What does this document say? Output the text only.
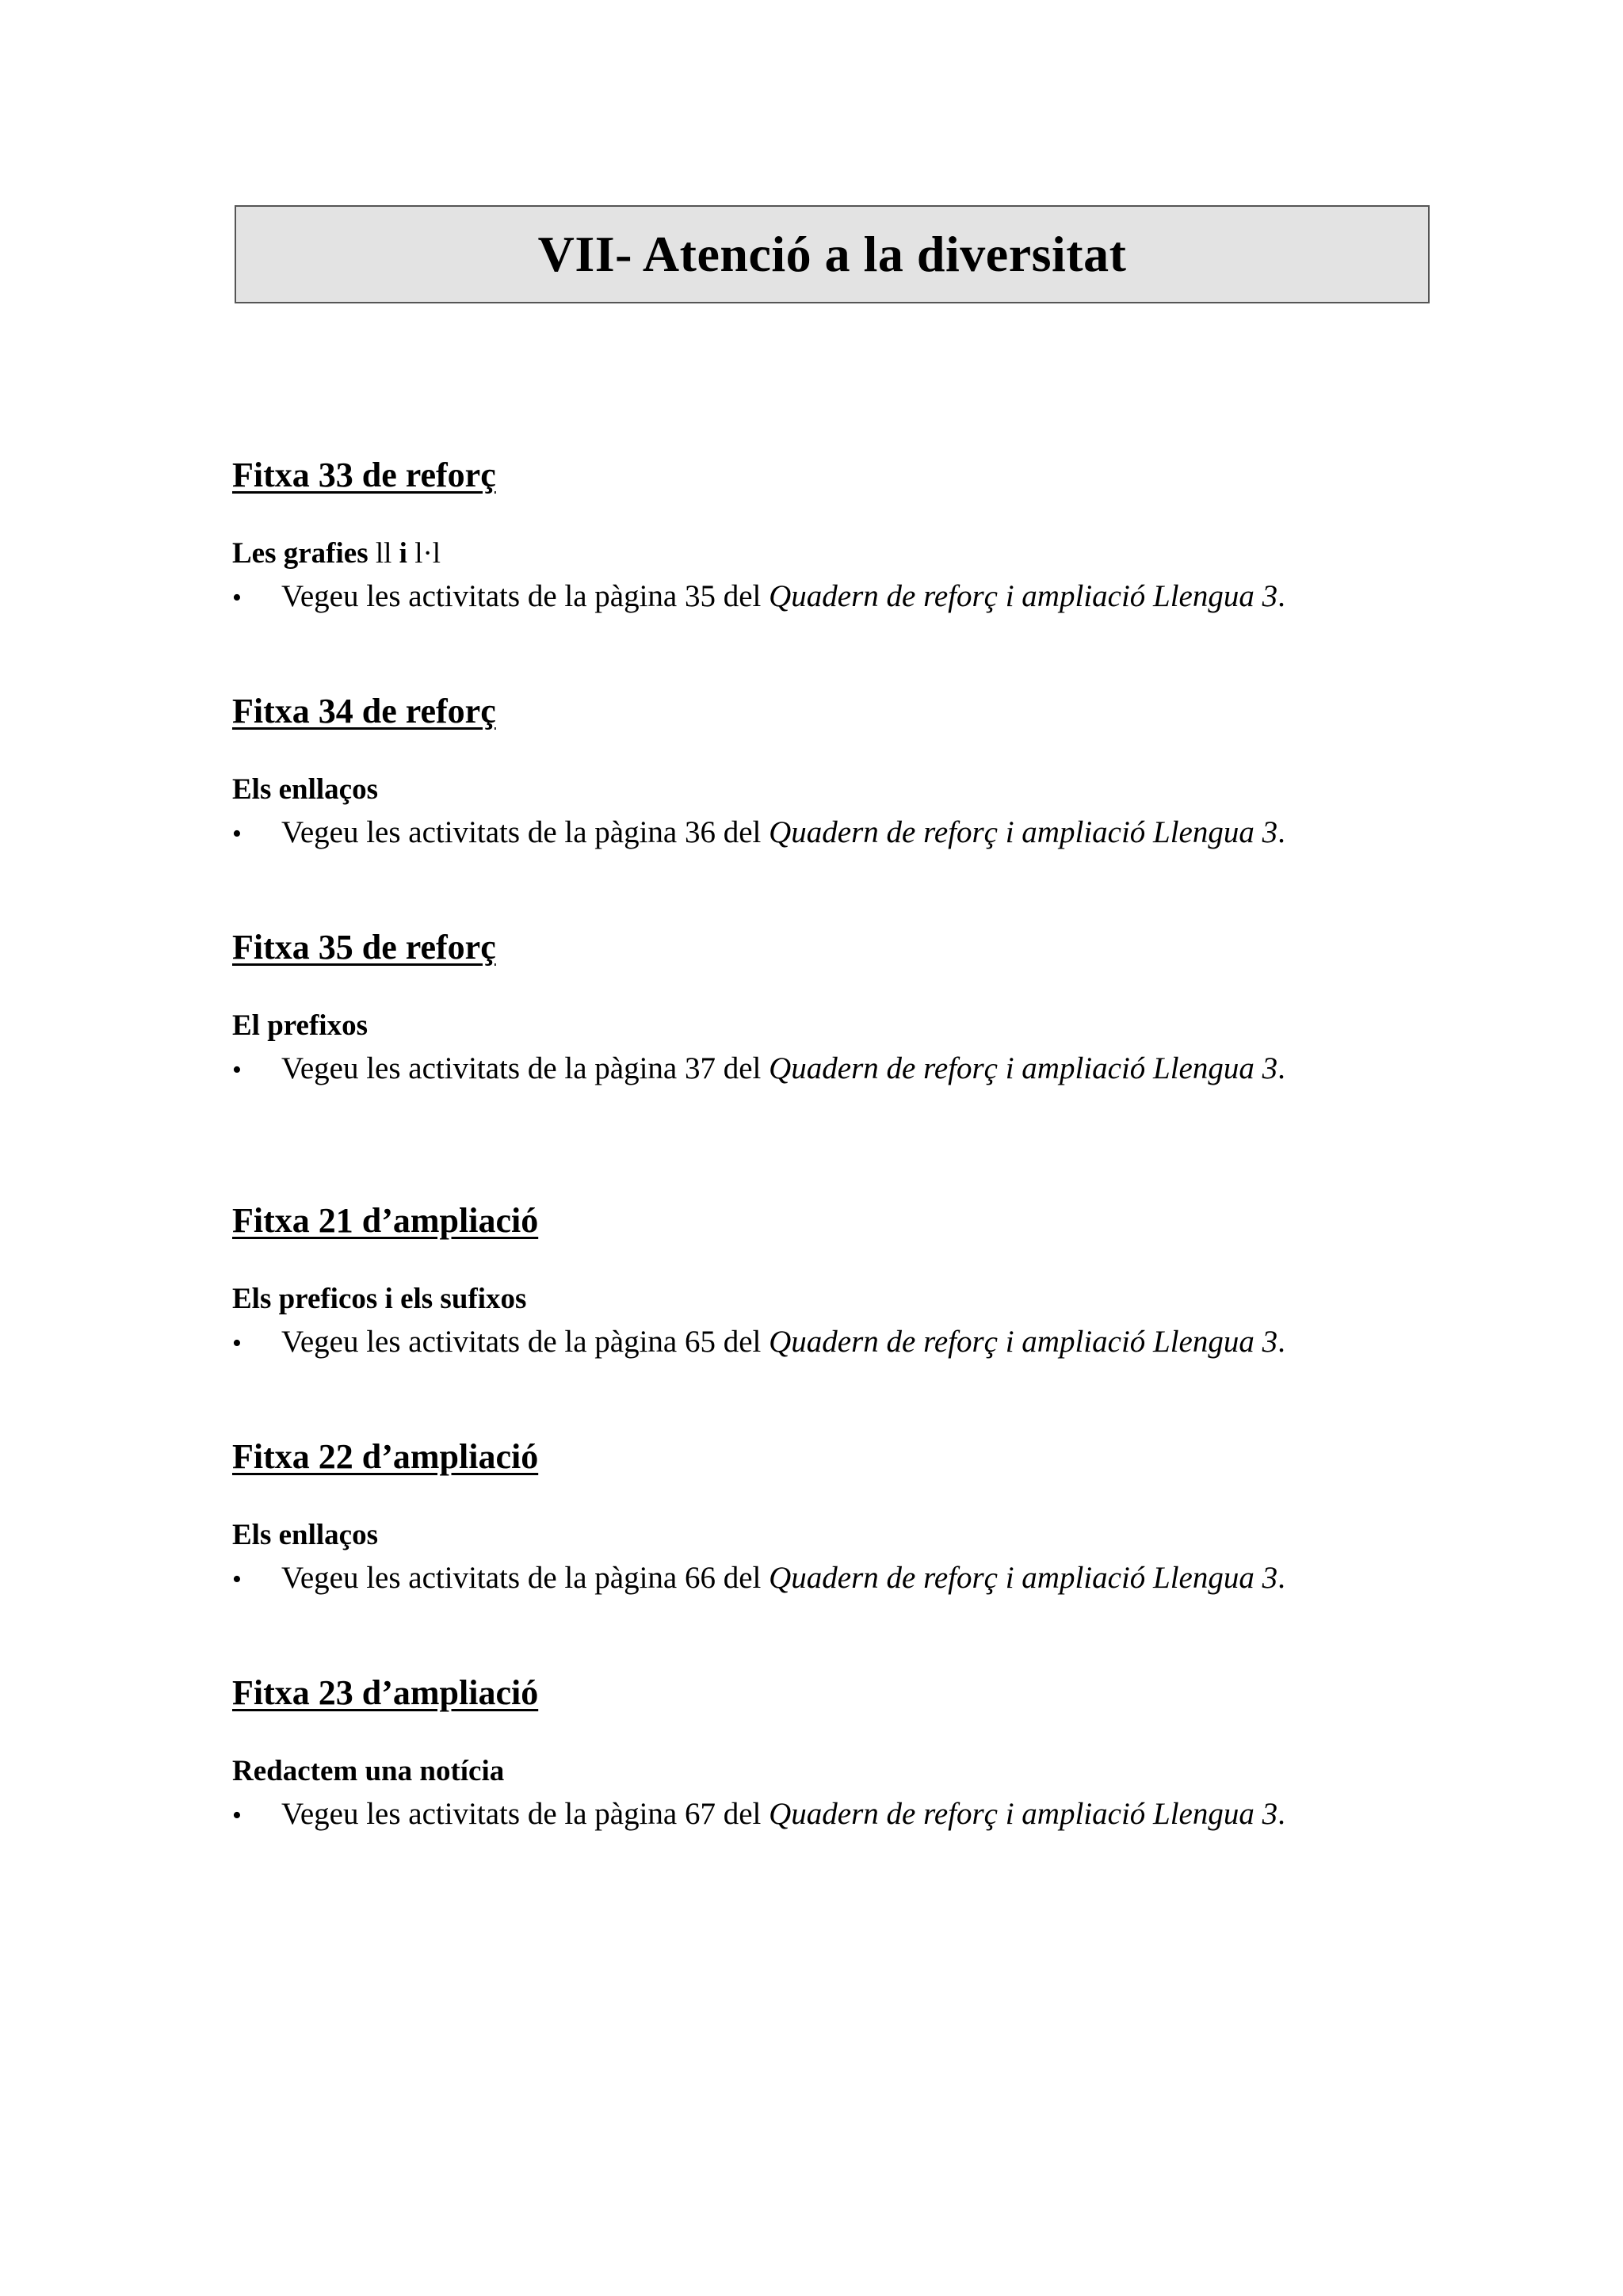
VII- Atenció a la diversitat
Fitxa 33 de reforç

Les grafies ll i l·l

• Vegeu les activitats de la pàgina 35 del Quadern de reforç i ampliació Llengua 3.
Fitxa 34 de reforç

Els enllaços

• Vegeu les activitats de la pàgina 36 del Quadern de reforç i ampliació Llengua 3.
Fitxa 35 de reforç

El prefixos

• Vegeu les activitats de la pàgina 37 del Quadern de reforç i ampliació Llengua 3.
Fitxa 21 d’ampliació

Els preficos i els sufixos

• Vegeu les activitats de la pàgina 65 del Quadern de reforç i ampliació Llengua 3.
Fitxa 22 d’ampliació

Els enllaços

• Vegeu les activitats de la pàgina 66 del Quadern de reforç i ampliació Llengua 3.
Fitxa 23 d’ampliació

Redactem una notícia

• Vegeu les activitats de la pàgina 67 del Quadern de reforç i ampliació Llengua 3.
